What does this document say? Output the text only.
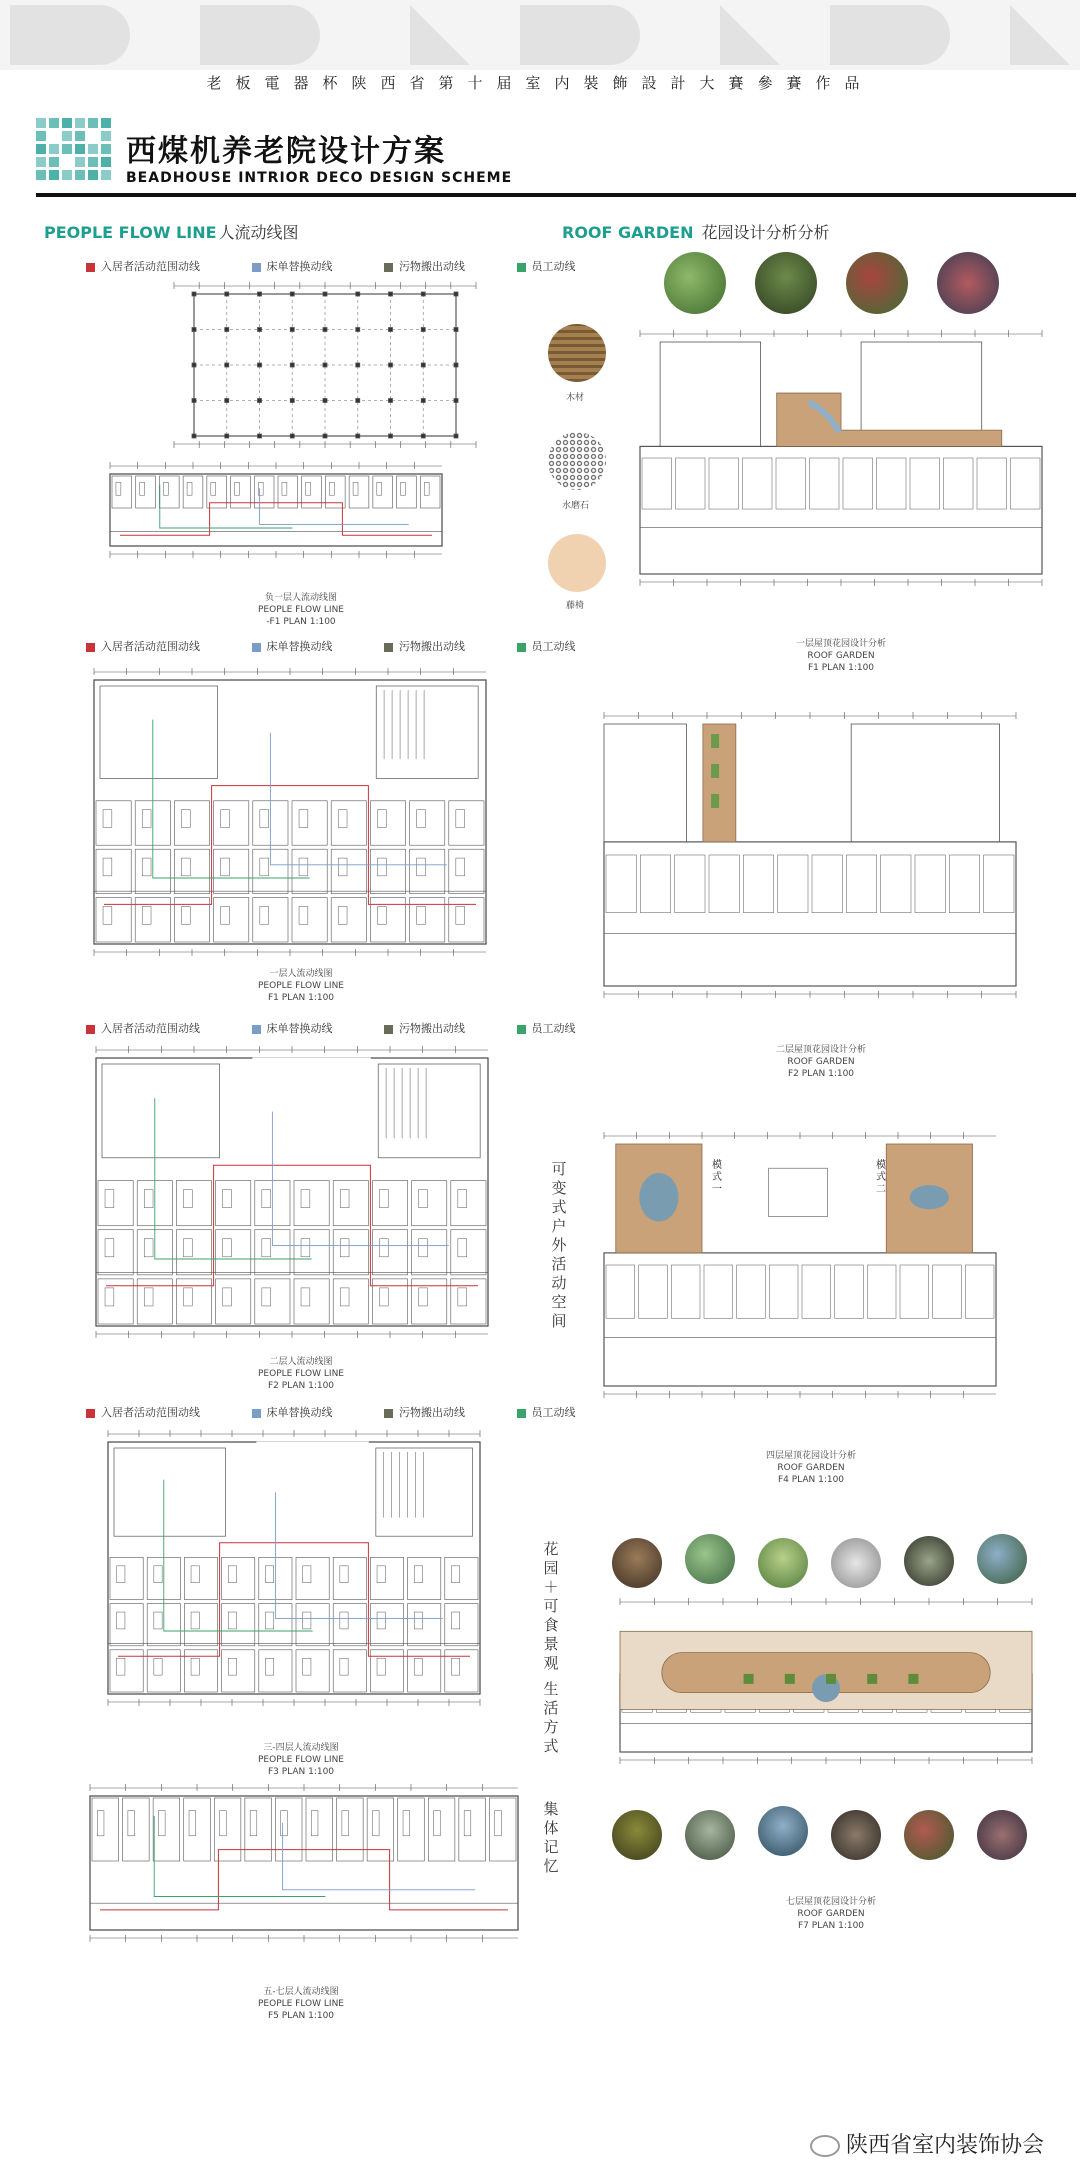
老板電器杯陕西省第十届室内裝飾設計大賽參賽作品
西煤机养老院设计方案
BEADHOUSE INTRIOR DECO DESIGN SCHEME
PEOPLE FLOW LINE 人流动线图	ROOF GARDEN 花园设计分析分析
入居者活动范围动线	床单替换动线	污物搬出动线	员工动线
入居者活动范围动线	床单替换动线	污物搬出动线	员工动线
入居者活动范围动线	床单替换动线	污物搬出动线	员工动线
入居者活动范围动线	床单替换动线	污物搬出动线	员工动线
负一层人流动线图
PEOPLE FLOW LINE
-F1 PLAN 1:100
一层人流动线图
PEOPLE FLOW LINE
F1 PLAN 1:100
二层人流动线图
PEOPLE FLOW LINE
F2 PLAN 1:100
三-四层人流动线图
PEOPLE FLOW LINE
F3 PLAN 1:100
五-七层人流动线图
PEOPLE FLOW LINE
F5 PLAN 1:100
木材
水磨石
藤椅
一层屋顶花园设计分析
ROOF GARDEN
F1 PLAN 1:100
二层屋顶花园设计分析
ROOF GARDEN
F2 PLAN 1:100
可变式户外活动空间
模式一
模式二
四层屋顶花园设计分析
ROOF GARDEN
F4 PLAN 1:100
花园＋可食景观
生活方式
集体记忆
七层屋顶花园设计分析
ROOF GARDEN
F7 PLAN 1:100
陕西省室内装饰协会
